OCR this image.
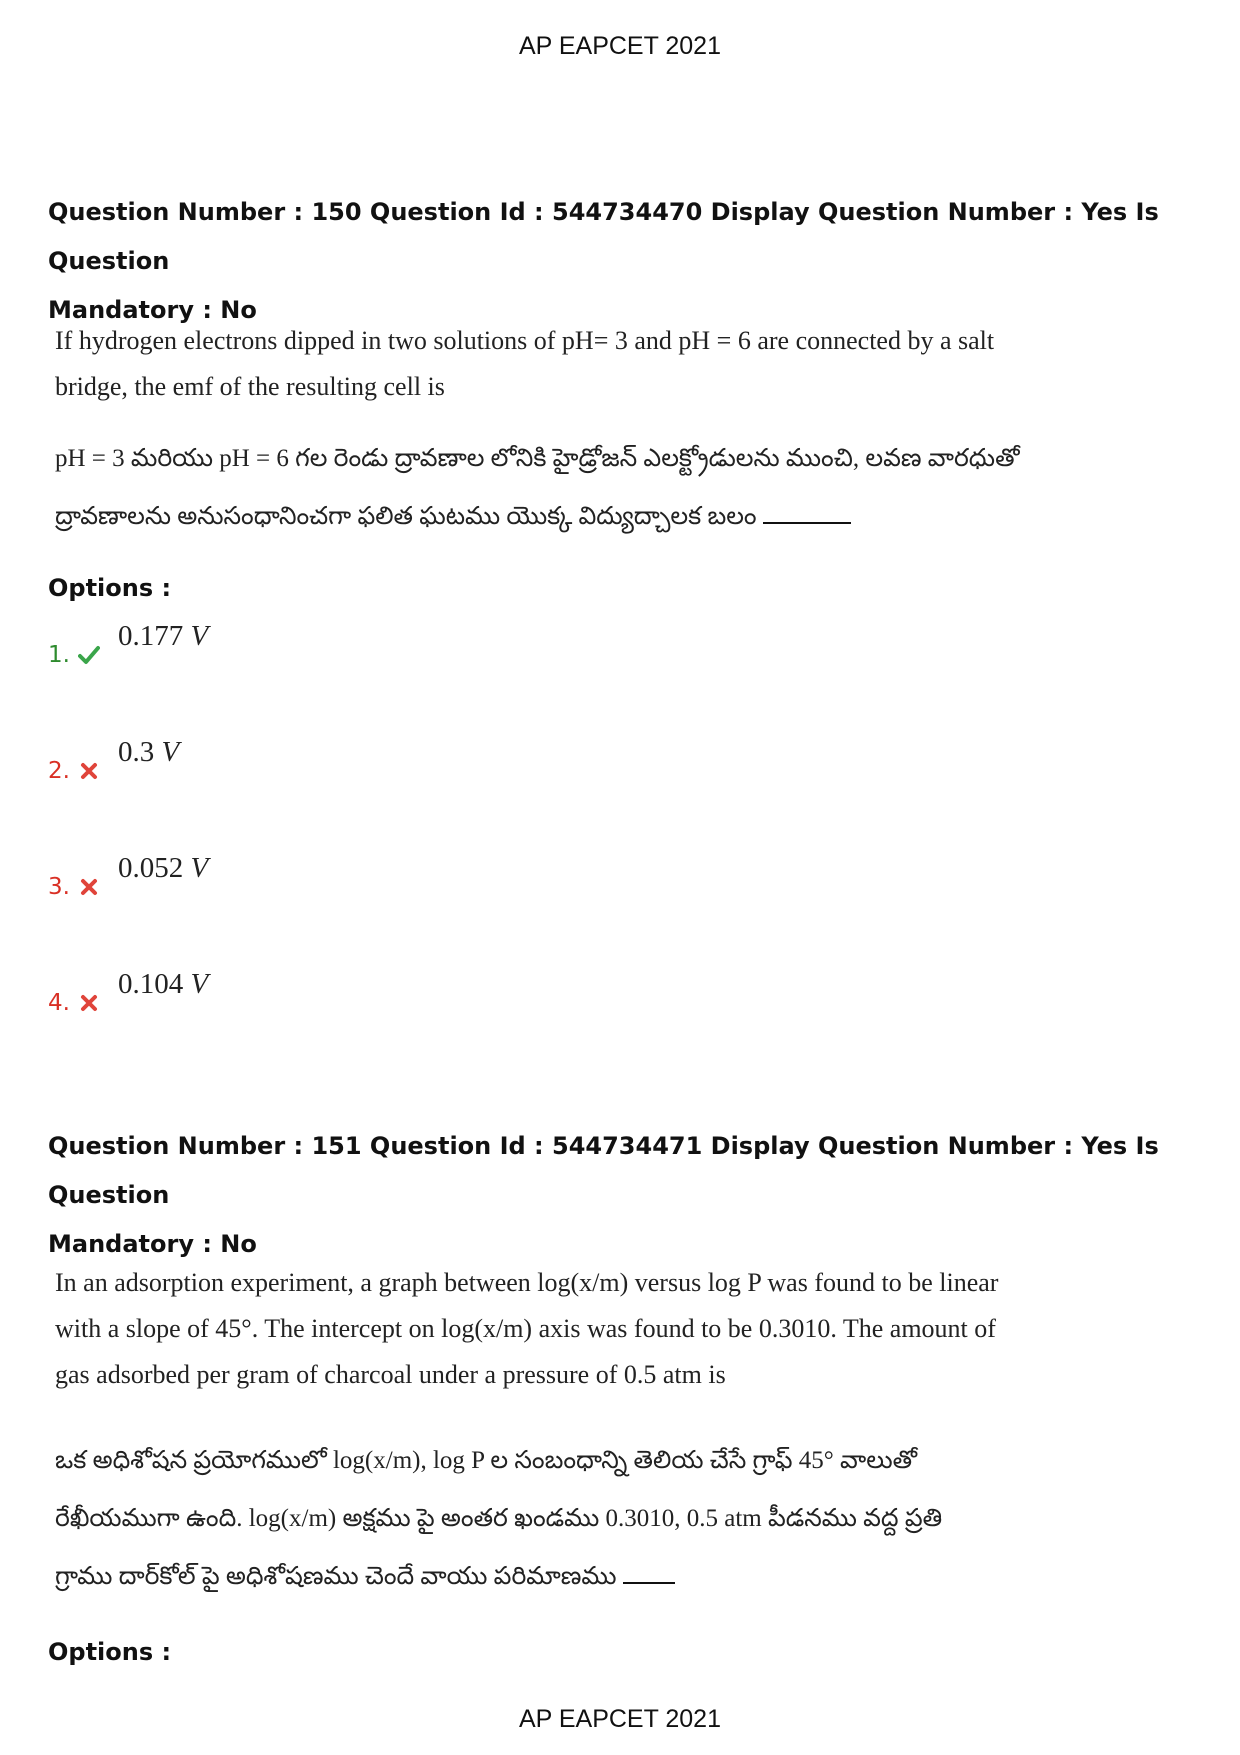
AP EAPCET 2021
Question Number : 150 Question Id : 544734470 Display Question Number : Yes Is Question
Mandatory : No
If hydrogen electrons dipped in two solutions of pH= 3 and pH = 6 are connected by a salt
bridge, the emf of the resulting cell is
pH = 3 మరియు pH = 6 గల రెండు ద్రావణాల లోనికి హైడ్రోజన్ ఎలక్ట్రోడులను ముంచి, లవణ వారధుతో
ద్రావణాలను అనుసంధానించగా ఫలిత ఘటము యొక్క విద్యుద్చాలక బలం
Options :
1.
0.177 V
2.
0.3 V
3.
0.052 V
4.
0.104 V
Question Number : 151 Question Id : 544734471 Display Question Number : Yes Is Question
Mandatory : No
In an adsorption experiment, a graph between log(x/m) versus log P was found to be linear
with a slope of 45°. The intercept on log(x/m) axis was found to be 0.3010. The amount of
gas adsorbed per gram of charcoal under a pressure of 0.5 atm is
ఒక అధిశోషన ప్రయోగములో log(x/m), log P ల సంబంధాన్ని తెలియ చేసే గ్రాఫ్ 45° వాలుతో
రేఖీయముగా ఉంది. log(x/m) అక్షము పై అంతర ఖండము 0.3010, 0.5 atm పీడనము వద్ద ప్రతి
గ్రాము దార్‌కోల్ పై అధిశోషణము చెందే వాయు పరిమాణము
Options :
AP EAPCET 2021
